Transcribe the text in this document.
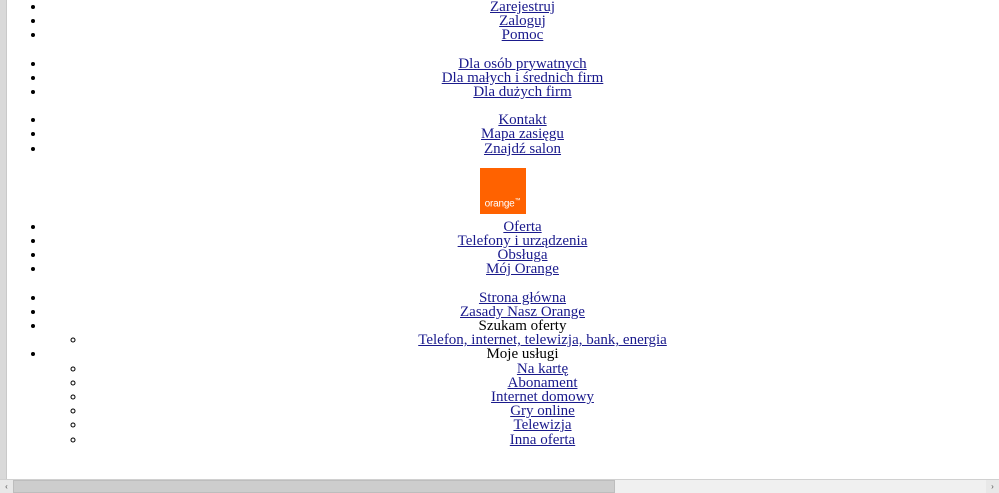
• Zarejestruj
• Zaloguj
• Pomoc
• Dla osób prywatnych
• Dla małych i średnich firm
• Dla dużych firm
• Kontakt
• Mapa zasięgu
• Znajdź salon
orange™
• Oferta
• Telefony i urządzenia
• Obsługa
• Mój Orange
• Strona główna
• Zasady Nasz Orange
• Szukam oferty
◦ Telefon, internet, telewizja, bank, energia
• Moje usługi
◦ Na kartę
◦ Abonament
◦ Internet domowy
◦ Gry online
◦ Telewizja
◦ Inna oferta
‹	›
